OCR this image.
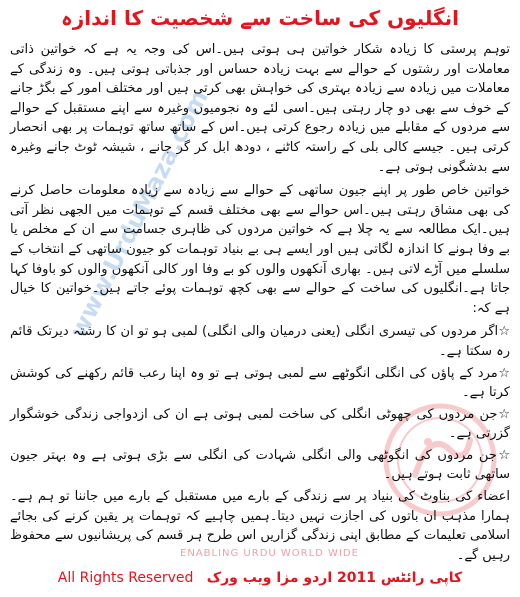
انگلیوں کی ساخت سے شخصیت کا اندازہ
www.UrduMaza.com
ENABLING URDU WORLD WIDE

توہم پرستی کا زیادہ شکار خواتین ہی ہوتی ہیں۔اس کی وجہ یہ ہے کہ خواتین ذاتی معاملات اور رشتوں کے حوالے سے بہت زیادہ حساس اور جذباتی ہوتی ہیں۔ وہ زندگی کے معاملات میں زیادہ سے زیادہ بہتری کی خواہش بھی کرتی ہیں اور مختلف امور کے بگڑ جانے کے خوف سے بھی دو چار رہتی ہیں۔اسی لئے وہ نجومیوں وغیرہ سے اپنے مستقبل کے حوالے سے مردوں کے مقابلے میں زیادہ رجوع کرتی ہیں۔اس کے ساتھ ساتھ توہمات پر بھی انحصار کرتی ہیں۔ جیسے کالی بلی کے راستہ کاٹنے ، دودھ ابل کر گر جانے ، شیشہ ٹوٹ جانے وغیرہ سے بدشگونی ہوتی ہے۔

خواتین خاص طور پر اپنے جیون ساتھی کے حوالے سے زیادہ سے زیادہ معلومات حاصل کرنے کی بھی مشاق رہتی ہیں۔اس حوالے سے بھی مختلف قسم کے توہمات میں الجھی نظر آتی ہیں۔ایک مطالعہ سے یہ چلا ہے کہ خواتین مردوں کی ظاہری جسامت سے ان کے مخلص یا بے وفا ہونے کا اندازہ لگاتی ہیں اور ایسے ہی بے بنیاد توہمات کو جیون ساتھی کے انتخاب کے سلسلے میں آڑے لاتی ہیں۔ بھاری آنکھوں والوں کو بے وفا اور کالی آنکھوں والوں کو باوفا کہا جاتا ہے۔انگلیوں کی ساخت کے حوالے سے بھی کچھ توہمات پوئے جاتے ہیں۔خواتین کا خیال ہے کہ:

☆اگر مردوں کی تیسری انگلی (یعنی درمیان والی انگلی) لمبی ہو تو ان کا رشتہ دیرتک قائم رہ سکتا ہے۔

☆مرد کے پاؤں کی انگلی انگوٹھے سے لمبی ہوتی ہے تو وہ اپنا رعب قائم رکھنے کی کوشش کرتا ہے۔

☆جن مردوں کی چھوٹی انگلی کی ساخت لمبی ہوتی ہے ان کی ازدواجی زندگی خوشگوار گزرتی ہے۔

☆جن مردوں کی انگوٹھی والی انگلی شہادت کی انگلی سے بڑی ہوتی ہے وہ بہتر جیون ساتھی ثابت ہوتے ہیں۔

اعضاء کی بناوٹ کی بنیاد پر سے زندگی کے بارے میں مستقبل کے بارے میں جاننا تو ہم ہے۔ ہمارا مذہب ان باتوں کی اجازت نہیں دیتا۔ہمیں چاہیے کہ توہمات پر یقین کرنے کی بجائے اسلامی تعلیمات کے مطابق اپنی زندگی گزاریں اس طرح ہر قسم کی پریشانیوں سے محفوظ رہیں گے۔

All Rights Reserved کاپی رائٹس 2011 اردو مزا ویب ورک
